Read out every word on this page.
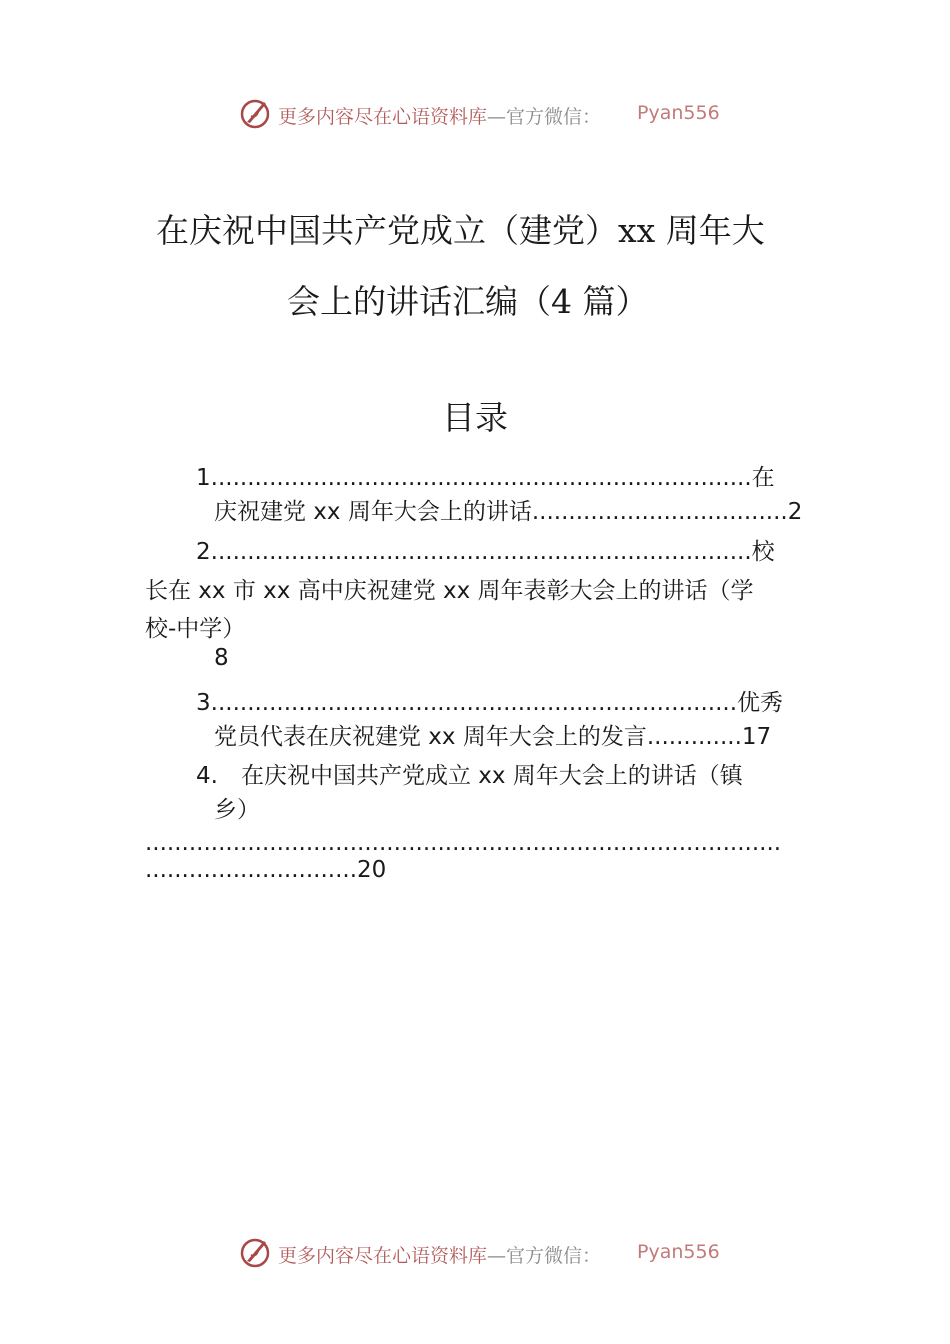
更多内容尽在心语资料库—官方微信： Pyan556
在庆祝中国共产党成立（建党）xx 周年大
会上的讲话汇编（4 篇）
目录
1..........................................................................在
庆祝建党 xx 周年大会上的讲话...................................2
2..........................................................................校
长在 xx 市 xx 高中庆祝建党 xx 周年表彰大会上的讲话（学
校-中学）
8
3........................................................................优秀
党员代表在庆祝建党 xx 周年大会上的发言.............17
4.　在庆祝中国共产党成立 xx 周年大会上的讲话（镇
乡）
.......................................................................................
.............................20
更多内容尽在心语资料库—官方微信： Pyan556
